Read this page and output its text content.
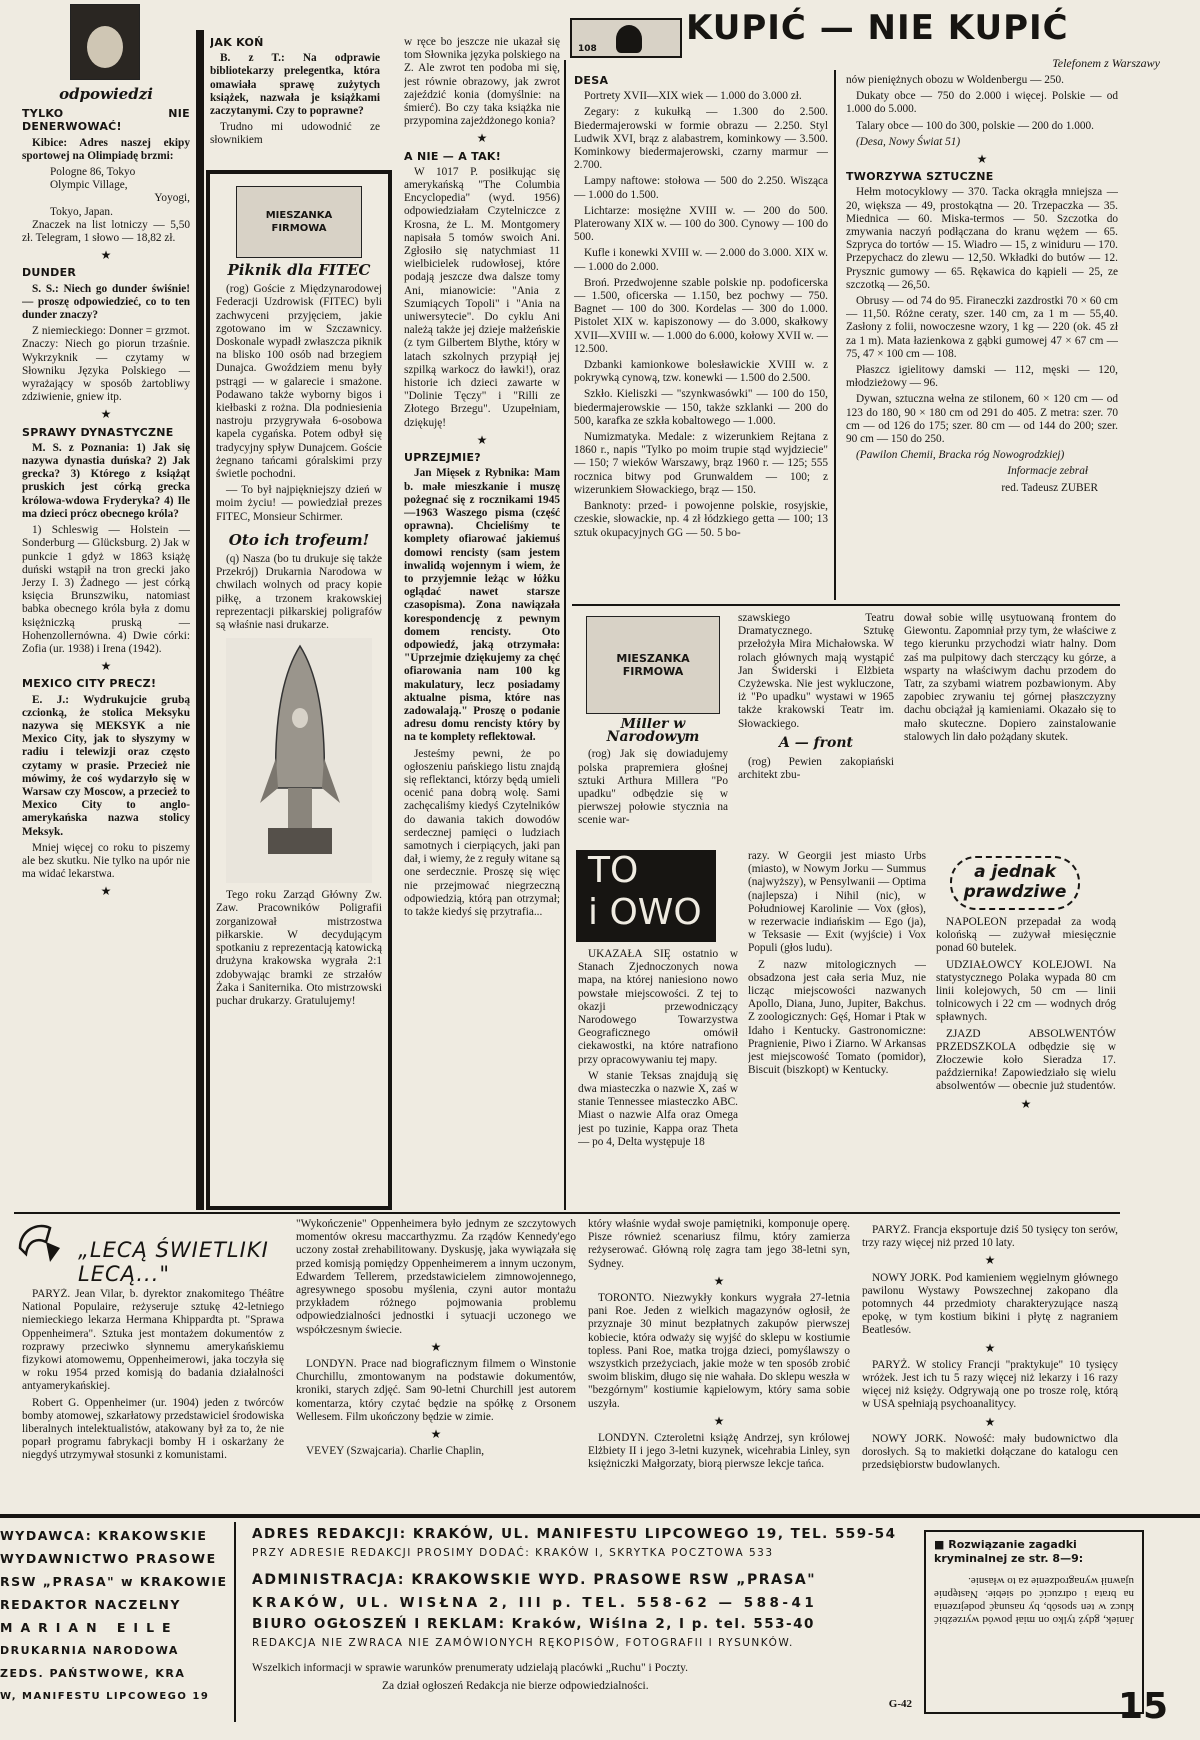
108
KUPIĆ — NIE KUPIĆ
Telefonem z Warszawy
odpowiedzi

TYLKO NIE DENERWOWAĆ!

Kibice: Adres naszej ekipy sportowej na Olimpiadę brzmi:

Pologne 86, Tokyo
Olympic Village,
Yoyogi,
Tokyo, Japan.

Znaczek na list lotniczy — 5,50 zł. Telegram, 1 słowo — 18,82 zł.

★

DUNDER

S. S.: Niech go dunder świśnie! — proszę odpowiedzieć, co to ten dunder znaczy?

Z niemieckiego: Donner = grzmot. Znaczy: Niech go piorun trzaśnie. Wykrzyknik — czytamy w Słowniku Języka Polskiego — wyrażający w sposób żartobliwy zdziwienie, gniew itp.

★

SPRAWY DYNASTYCZNE

M. S. z Poznania: 1) Jak się nazywa dynastia duńska? 2) Jak greckа? 3) Którego z książąt pruskich jest córką grecka królowa-wdowa Fryderyka? 4) Ile ma dzieci prócz obecnego króla?

1) Schleswig — Holstein — Sonderburg — Glücksburg. 2) Jak w punkcie 1 gdyż w 1863 książę duński wstąpił na tron grecki jako Jerzy I. 3) Żadnego — jest córką księcia Brunszwiku, natomiast babka obecnego króla była z domu księżniczką pruską — Hohenzollernówna. 4) Dwie córki: Zofia (ur. 1938) i Irena (1942).

★

MEXICO CITY PRECZ!

E. J.: Wydrukujcie grubą czcionką, że stolica Meksyku nazywa się MEKSYK a nie Mexico City, jak to słyszymy w radiu i telewizji oraz często czytamy w prasie. Przecież nie mówimy, że coś wydarzyło się w Warsaw czy Moscow, a przecież to Mexico City to anglo-amerykańska nazwa stolicy Meksyk.

Mniej więcej co roku to piszemy ale bez skutku. Nie tylko na upór nie ma widać lekarstwa.

★

JAK KOŃ

B. z T.: Na odprawie bibliotekarzy prelegentka, która omawiała sprawę zużytych książek, nazwała je książkami zaczytanymi. Czy to poprawne?

Trudno mi udowodnić ze słownikiem

MIESZANKA FIRMOWA
Piknik dla FITEC

(rog) Goście z Międzynarodowej Federacji Uzdrowisk (FITEC) byli zachwyceni przyjęciem, jakie zgotowano im w Szczawnicy. Doskonale wypadł zwłaszcza piknik na blisko 100 osób nad brzegiem Dunajca. Gwoździem menu były pstrągi — w galarecie i smażone. Podawano także wyborny bigos i kiełbaski z rożna. Dla podniesienia nastroju przygrywała 6-osobowa kapela cygańska. Potem odbył się tradycyjny spływ Dunajcem. Goście żegnano tańcami góralskimi przy świetle pochodni.

— To był najpiękniejszy dzień w moim życiu! — powiedział prezes FITEC, Monsieur Schirmer.

Oto ich trofeum!

(q) Nasza (bo tu drukuje się także Przekrój) Drukarnia Narodowa w chwilach wolnych od pracy kopie piłkę, a trzonem krakowskiej reprezentacji piłkarskiej poligrafów są właśnie nasi drukarze.

Tego roku Zarząd Główny Zw. Zaw. Pracowników Poligrafii zorganizował mistrzostwa piłkarskie. W decydującym spotkaniu z reprezentacją katowicką drużyna krakowska wygrała 2:1 zdobywając bramki ze strzałów Żaka i Saniternika. Oto mistrzowski puchar drukarzy. Gratulujemy!

w ręce bo jeszcze nie ukazał się tom Słownika języka polskiego na Z. Ale zwrot ten podoba mi się, jest równie obrazowy, jak zwrot zajeździć konia (domyślnie: na śmierć). Bo czy taka książka nie przypomina zajeżdżonego konia?

★

A NIE — A TAK!

W 1017 P. posiłkując się amerykańską "The Columbia Encyclopedia" (wyd. 1956) odpowiedziałam Czytelniczce z Krosna, że L. M. Montgomery napisała 5 tomów swoich Ani. Zgłosiło się natychmiast 11 wielbicielek rudowłosej, które podają jeszcze dwa dalsze tomy Ani, mianowicie: "Ania z Szumiących Topoli" i "Ania na uniwersytecie". Do cyklu Ani należą także jej dzieje małżeńskie (z tym Gilbertem Blythe, który w latach szkolnych przypiął jej szpilką warkocz do ławki!), oraz historie ich dzieci zawarte w "Dolinie Tęczy" i "Rilli ze Złotego Brzegu". Uzupełniam, dziękuję!

★

UPRZEJMIE?

Jan Mięsek z Rybnika: Mam b. małe mieszkanie i muszę pożegnać się z rocznikami 1945—1963 Waszego pisma (część oprawna). Chcieliśmy te komplety ofiarować jakiemuś domowi rencisty (sam jestem inwalidą wojennym i wiem, że to przyjemnie leżąc w łóżku oglądać nawet starsze czasopisma). Zona nawiązała korespondencję z pewnym domem rencisty. Oto odpowiedź, jaką otrzymała: "Uprzejmie dziękujemy za chęć ofiarowania nam 100 kg makulatury, lecz posiadamy aktualne pisma, które nas zadowalają." Proszę o podanie adresu domu rencisty który by na te komplety reflektował.

Jesteśmy pewni, że po ogłoszeniu pańskiego listu znajdą się reflektanci, którzy będą umieli ocenić pana dobrą wolę. Sami zachęcaliśmy kiedyś Czytelników do dawania takich dowodów serdecznej pamięci o ludziach samotnych i cierpiących, jaki pan dał, i wiemy, że z reguły witane są one serdecznie. Proszę się więc nie przejmować niegrzeczną odpowiedzią, którą pan otrzymał; to także kiedyś się przytrafia...

DESA

Portrety XVII—XIX wiek — 1.000 do 3.000 zł.

Zegary: z kukułką — 1.300 do 2.500. Biedermajerowski w formie obrazu — 2.250. Styl Ludwik XVI, brąz z alabastrem, kominkowy — 3.500. Kominkowy biedermajerowski, czarny marmur — 2.700.

Lampy naftowe: stołowa — 500 do 2.250. Wisząca — 1.000 do 1.500.

Lichtarze: mosiężne XVIII w. — 200 do 500. Platerowany XIX w. — 100 do 300. Cynowy — 100 do 500.

Kufle i konewki XVIII w. — 2.000 do 3.000. XIX w. — 1.000 do 2.000.

Broń. Przedwojenne szable polskie np. podoficerska — 1.500, oficerska — 1.150, bez pochwy — 750. Bagnet — 100 do 300. Kordelas — 300 do 1.000. Pistolet XIX w. kapiszonowy — do 3.000, skałkowy XVII—XVIII w. — 1.000 do 6.000, kołowy XVII w. — 12.500.

Dzbanki kamionkowe bolesławickie XVIII w. z pokrywką cynową, tzw. konewki — 1.500 do 2.500.

Szkło. Kieliszki — "szynkwasówki" — 100 do 150, biedermajerowskie — 150, także szklanki — 200 do 500, karafka ze szkła kobaltowego — 1.000.

Numizmatyka. Medale: z wizerunkiem Rejtana z 1860 r., napis "Tylko po moim trupie stąd wyjdziecie" — 150; 7 wieków Warszawy, brąz 1960 r. — 125; 555 rocznica bitwy pod Grunwaldem — 100; z wizerunkiem Słowackiego, brąz — 150.

Banknoty: przed- i powojenne polskie, rosyjskie, czeskie, słowackie, np. 4 zł łódzkiego getta — 100; 13 sztuk okupacyjnych GG — 50. 5 bo-

nów pieniężnych obozu w Woldenbergu — 250.

Dukaty obce — 750 do 2.000 i więcej. Polskie — od 1.000 do 5.000.

Talary obce — 100 do 300, polskie — 200 do 1.000.

(Desa, Nowy Świat 51)

★

TWORZYWA SZTUCZNE

Hełm motocyklowy — 370. Tacka okrągła mniejsza — 20, większa — 49, prostokątna — 20. Trzepaczka — 35. Miednica — 60. Miska-termos — 50. Szczotka do zmywania naczyń podłączana do kranu wężem — 65. Szpryca do tortów — 15. Wiadro — 15, z winiduru — 170. Przepychacz do zlewu — 12,50. Wkładki do butów — 12. Prysznic gumowy — 65. Rękawica do kąpieli — 25, ze szczotką — 26,50.

Obrusy — od 74 do 95. Firaneczki zazdrostki 70 × 60 cm — 11,50. Różne ceraty, szer. 140 cm, za 1 m — 55,40. Zasłony z folii, nowoczesne wzory, 1 kg — 220 (ok. 45 zł za 1 m). Mata łazienkowa z gąbki gumowej 47 × 67 cm — 75, 47 × 100 cm — 108.

Płaszcz igielitowy damski — 112, męski — 120, młodzieżowy — 96.

Dywan, sztuczna wełna ze stilonem, 60 × 120 cm — od 123 do 180, 90 × 180 cm od 291 do 405. Z metra: szer. 70 cm — od 126 do 175; szer. 80 cm — od 144 do 200; szer. 90 cm — 150 do 250.

(Pawilon Chemii, Bracka róg Nowogrodzkiej)

Informacje zebrał

red. Tadeusz ZUBER

MIESZANKA FIRMOWA
Miller w Narodowym

(rog) Jak się dowiadujemy polska prapremiera głośnej sztuki Arthura Millera "Po upadku" odbędzie się w pierwszej połowie stycznia na scenie war-

szawskiego Teatru Dramatycznego. Sztukę przełożyła Mira Michałowska. W rolach głównych mają wystąpić Jan Świderski i Elżbieta Czyżewska. Nie jest wykluczone, iż "Po upadku" wystawi w 1965 także krakowski Teatr im. Słowackiego.

A — front

(rog) Pewien zakopiański architekt zbu-

dował sobie willę usytuowaną frontem do Giewontu. Zapomniał przy tym, że właściwe z tego kierunku przychodzi wiatr halny. Dom zaś ma pulpitowy dach sterczący ku górze, a wsparty na właściwym dachu przodem do Tatr, za szybami wiatrem pozbawionym. Aby zapobiec zrywaniu tej górnej płaszczyzny dachu obciążał ją kamieniami. Okazało się to mało skuteczne. Dopiero zainstalowanie stalowych lin dało pożądany skutek.

TO
i OWO

UKAZAŁA SIĘ ostatnio w Stanach Zjednoczonych nowa mapa, na której naniesiono nowo powstałe miejscowości. Z tej to okazji przewodniczący Narodowego Towarzystwa Geograficznego omówił ciekawostki, na które natrafiono przy opracowywaniu tej mapy.

W stanie Teksas znajdują się dwa miasteczka o nazwie X, zaś w stanie Tennessee miasteczko ABC. Miast o nazwie Alfa oraz Omega jest po tuzinie, Kappa oraz Theta — po 4, Delta występuje 18

razy. W Georgii jest miasto Urbs (miasto), w Nowym Jorku — Summus (najwyższy), w Pensylwanii — Optima (najlepsza) i Nihil (nic), w Południowej Karolinie — Vox (głos), w rezerwacie indiańskim — Ego (ja), w Teksasie — Exit (wyjście) i Vox Populi (głos ludu).

Z nazw mitologicznych — obsadzona jest cała seria Muz, nie licząc miejscowości nazwanych Apollo, Diana, Juno, Jupiter, Bakchus. Z zoologicznych: Gęś, Homar i Ptak w Idaho i Kentucky. Gastronomiczne: Pragnienie, Piwo i Ziarno. W Arkansas jest miejscowość Tomato (pomidor), Biscuit (biszkopt) w Kentucky.

a jednak
prawdziwe

NAPOLEON przepadał za wodą kolońską — zużywał miesięcznie ponad 60 butelek.

UDZIAŁOWCY KOLEJOWI. Na statystycznego Polaka wypada 80 cm linii kolejowych, 50 cm — linii tolnicowych i 22 cm — wodnych dróg spławnych.

ZJAZD ABSOLWENTÓW PRZEDSZKOLA odbędzie się w Złoczewie koło Sieradza 17. października! Zapowiedziało się wielu absolwentów — obecnie już studentów.

★
„LECĄ ŚWIETLIKI LECĄ..."

PARYŻ. Jean Vilar, b. dyrektor znakomitego Théâtre National Populaire, reżyseruje sztukę 42-letniego niemieckiego lekarza Hermana Khippardta pt. "Sprawa Oppenheimera". Sztuka jest montażem dokumentów z rozprawy przeciwko słynnemu amerykańskiemu fizykowi atomowemu, Oppenheimerowi, jaka toczyła się w roku 1954 przed komisją do badania działalności antyamerykańskiej.

Robert G. Oppenheimer (ur. 1904) jeden z twórców bomby atomowej, szkarłatowy przedstawiciel środowiska liberalnych intelektualistów, atakowany był za to, że nie poparł programu fabrykacji bomby H i oskarżany że niegdyś utrzymywał stosunki z komunistami.

"Wykończenie" Oppenheimera było jednym ze szczytowych momentów okresu maccarthyzmu. Za rządów Kennedy'ego uczony został zrehabilitowany. Dyskusję, jaka wywiązała się przed komisją pomiędzy Oppenheimerem a innym uczonym, Edwardem Tellerem, przedstawicielem zimnowojennego, agresywnego sposobu myślenia, czyni autor montażu przykładem różnego pojmowania problemu odpowiedzialności jednostki i sytuacji uczonego we współczesnym świecie.

★

LONDYN. Prace nad biograficznym filmem o Winstonie Churchillu, zmontowanym na podstawie dokumentów, kroniki, starych zdjęć. Sam 90-letni Churchill jest autorem komentarza, który czytać będzie na spółkę z Orsonem Wellesem. Film ukończony będzie w zimie.

★

VEVEY (Szwajcaria). Charlie Chaplin,

który właśnie wydał swoje pamiętniki, komponuje operę. Pisze również scenariusz filmu, który zamierza reżyserować. Główną rolę zagra tam jego 38-letni syn, Sydney.

★

TORONTO. Niezwykły konkurs wygrała 27-letnia pani Roe. Jeden z wielkich magazynów ogłosił, że przyznaje 30 minut bezpłatnych zakupów pierwszej kobiecie, która odważy się wyjść do sklepu w kostiumie topless. Pani Roe, matka trojga dzieci, pomyślawszy o wszystkich przeżyciach, jakie może w ten sposób zrobić swoim bliskim, długo się nie wahała. Do sklepu weszła w "bezgórnym" kostiumie kąpielowym, który sama sobie uszyła.

★

LONDYN. Czteroletni książę Andrzej, syn królowej Elżbiety II i jego 3-letni kuzynek, wicehrabia Linley, syn księżniczki Małgorzaty, biorą pierwsze lekcje tańca.

PARYŻ. Francja eksportuje dziś 50 tysięcy ton serów, trzy razy więcej niż przed 10 laty.

★

NOWY JORK. Pod kamieniem węgielnym głównego pawilonu Wystawy Powszechnej zakopano dla potomnych 44 przedmioty charakteryzujące naszą epokę, w tym kostium bikini i płytę z nagraniem Beatlesów.

★

PARYŻ. W stolicy Francji "praktykuje" 10 tysięcy wróżek. Jest ich tu 5 razy więcej niż lekarzy i 16 razy więcej niż księży. Odgrywają one po trosze rolę, którą w USA spełniają psychoanalitycy.

★

NOWY JORK. Nowość: mały budownictwo dla dorosłych. Są to makietki dołączane do katalogu cen przedsiębiorstw budowlanych.

WYDAWCA: KRAKOWSKIE
WYDAWNICTWO PRASOWE
RSW „PRASA" w KRAKOWIE
REDAKTOR NACZELNY
MARIAN EILE
DRUKARNIA NARODOWA
ZEDS. PAŃSTWOWE, KRA
W, MANIFESTU LIPCOWEGO 19
ADRES REDAKCJI: KRAKÓW, UL. MANIFESTU LIPCOWEGO 19, TEL. 559-54
PRZY ADRESIE REDAKCJI PROSIMY DODAĆ: KRAKÓW I, SKRYTKA POCZTOWA 533
ADMINISTRACJA: KRAKOWSKIE WYD. PRASOWE RSW „PRASA"
KRAKÓW, UL. WISŁNA 2, III p. TEL. 558-62 — 588-41
BIURO OGŁOSZEŃ I REKLAM: Kraków, Wiślna 2, I p. tel. 553-40
REDAKCJA NIE ZWRACA NIE ZAMÓWIONYCH RĘKOPISÓW, FOTOGRAFII I RYSUNKÓW.
Wszelkich informacji w sprawie warunków prenumeraty udzielają placówki „Ruchu" i Poczty.
Za dział ogłoszeń Redakcja nie bierze odpowiedzialności.
G-42
■ Rozwiązanie zagadki kryminalnej ze str. 8—9:
Janiek, gdyż tylko on miał powód wyrzeźbić klucz w ten sposób, by nasunąć podejrzenia na brata i odrzucić od siebie. Następnie ujawnił wynagrodzenie za to własnie.
15
